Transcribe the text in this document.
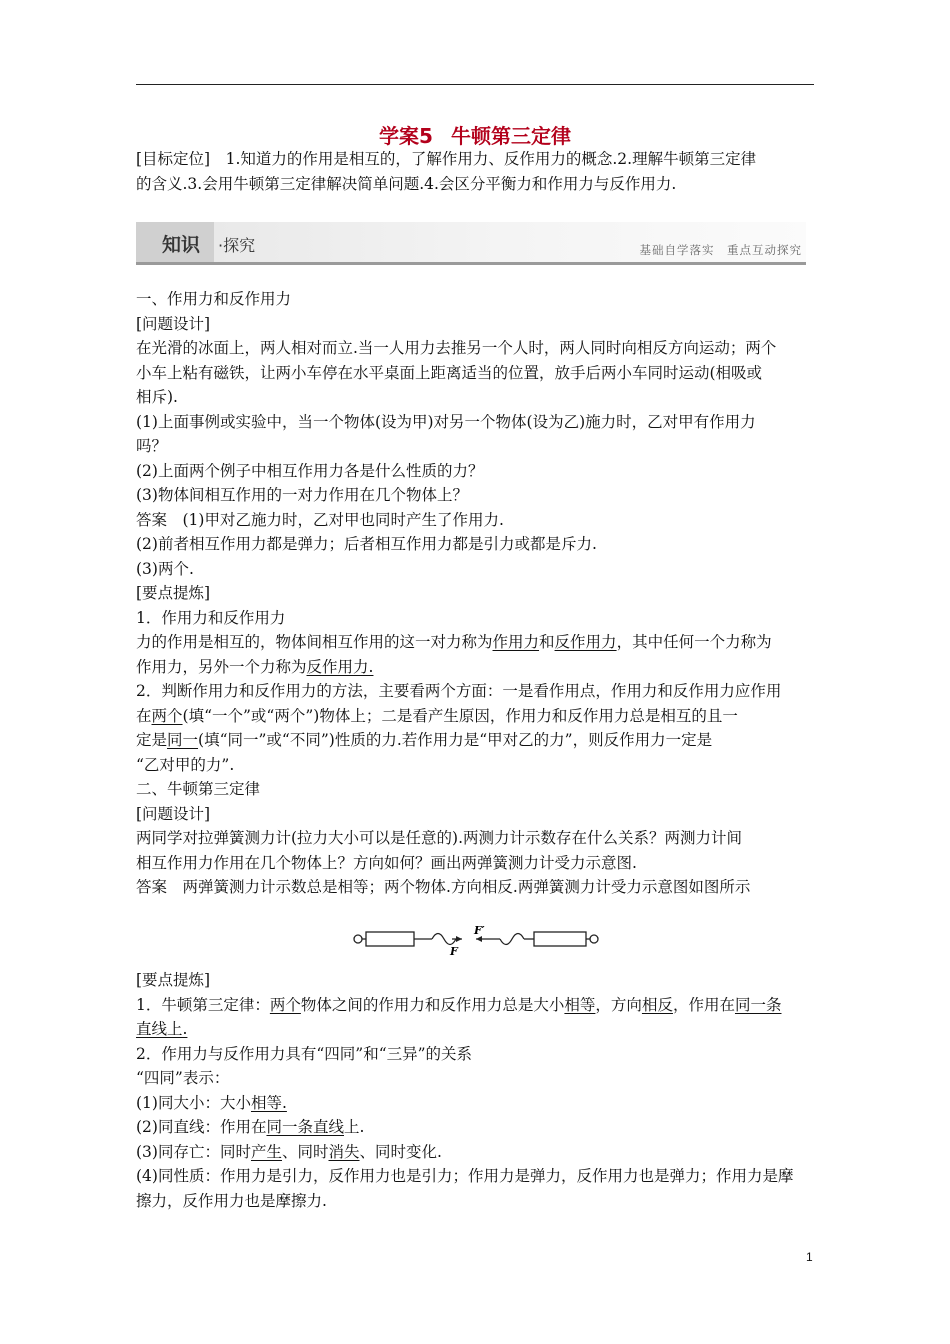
学案5 牛顿第三定律
[目标定位]　1.知道力的作用是相互的，了解作用力、反作用力的概念.2.理解牛顿第三定律
的含义.3.会用牛顿第三定律解决简单问题.4.会区分平衡力和作用力与反作用力.
知识 ·探究	基础自学落实　重点互动探究
一、作用力和反作用力
[问题设计]
在光滑的冰面上，两人相对而立.当一人用力去推另一个人时，两人同时向相反方向运动；两个
小车上粘有磁铁，让两小车停在水平桌面上距离适当的位置，放手后两小车同时运动(相吸或
相斥).
(1)上面事例或实验中，当一个物体(设为甲)对另一个物体(设为乙)施力时，乙对甲有作用力
吗？
(2)上面两个例子中相互作用力各是什么性质的力？
(3)物体间相互作用的一对力作用在几个物体上？
答案　(1)甲对乙施力时，乙对甲也同时产生了作用力.
(2)前者相互作用力都是弹力；后者相互作用力都是引力或都是斥力.
(3)两个.
[要点提炼]
1．作用力和反作用力
力的作用是相互的，物体间相互作用的这一对力称为作用力和反作用力，其中任何一个力称为
作用力，另外一个力称为反作用力.
2．判断作用力和反作用力的方法，主要看两个方面：一是看作用点，作用力和反作用力应作用
在两个(填“一个”或“两个”)物体上；二是看产生原因，作用力和反作用力总是相互的且一
定是同一(填“同一”或“不同”)性质的力.若作用力是“甲对乙的力”，则反作用力一定是
“乙对甲的力”.
二、牛顿第三定律
[问题设计]
两同学对拉弹簧测力计(拉力大小可以是任意的).两测力计示数存在什么关系？两测力计间
相互作用力作用在几个物体上？方向如何？画出两弹簧测力计受力示意图.
答案　两弹簧测力计示数总是相等；两个物体.方向相反.两弹簧测力计受力示意图如图所示
F
F′
[要点提炼]
1．牛顿第三定律：两个物体之间的作用力和反作用力总是大小相等，方向相反，作用在同一条
直线上.
2．作用力与反作用力具有“四同”和“三异”的关系
“四同”表示：
(1)同大小：大小相等.
(2)同直线：作用在同一条直线上.
(3)同存亡：同时产生、同时消失、同时变化.
(4)同性质：作用力是引力，反作用力也是引力；作用力是弹力，反作用力也是弹力；作用力是摩
擦力，反作用力也是摩擦力.
1
